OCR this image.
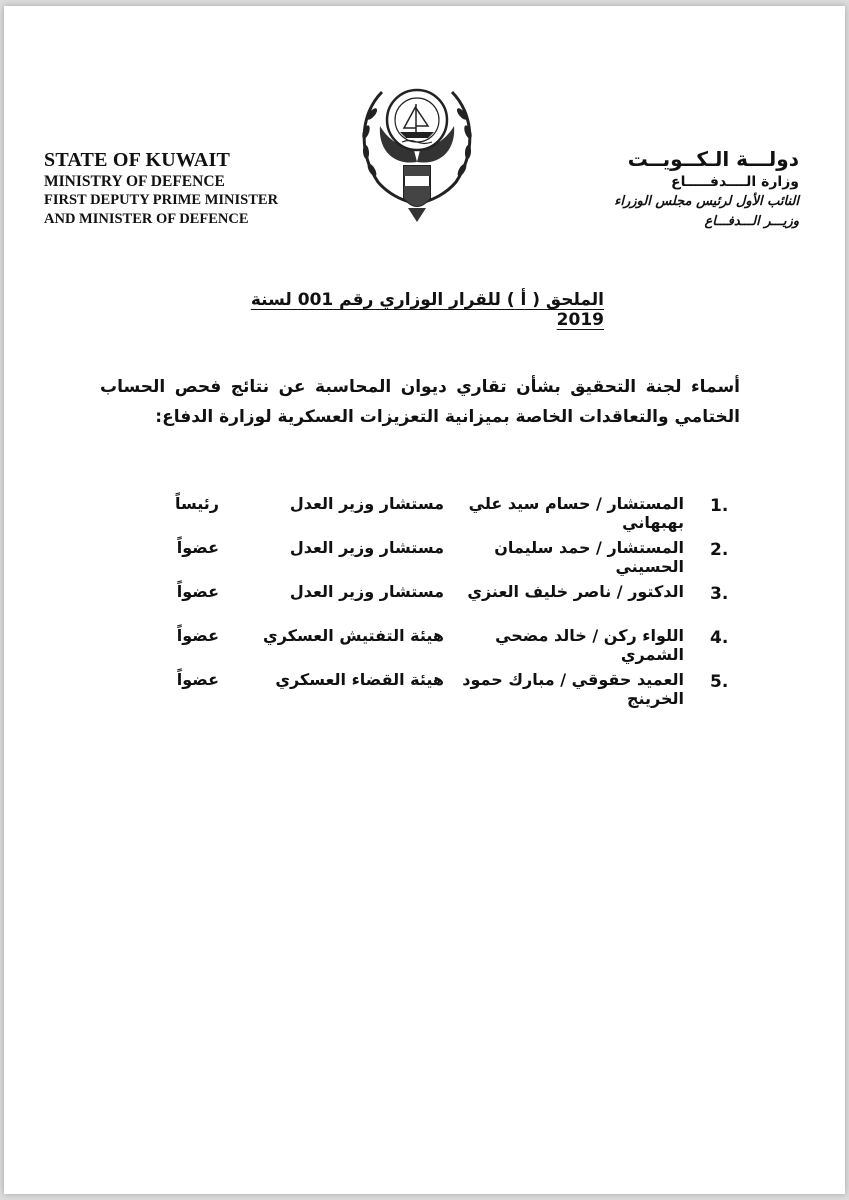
STATE OF KUWAIT
MINISTRY OF DEFENCE
FIRST DEPUTY PRIME MINISTER
AND MINISTER OF DEFENCE
دولـــة الـكــويــت
وزارة الــــدفـــــاع
النائب الأول لرئيس مجلس الوزراء
وزيـــر الـــدفـــاع
الملحق ( أ ) للقرار الوزاري رقم 001 لسنة 2019
أسماء لجنة التحقيق بشأن تقاري ديوان المحاسبة عن نتائج فحص الحساب الختامي والتعاقدات الخاصة بميزانية التعزيزات العسكرية لوزارة الدفاع:
1.
المستشار / حسام سيد علي بهبهاني
مستشار وزير العدل
رئيساً
2.
المستشار / حمد سليمان الحسيني
مستشار وزير العدل
عضواً
3.
الدكتور / ناصر خليف العنزي
مستشار وزير العدل
عضواً
4.
اللواء ركن / خالد مضحي الشمري
هيئة التفتيش العسكري
عضواً
5.
العميد حقوقي / مبارك حمود الخرينج
هيئة القضاء العسكري
عضواً
